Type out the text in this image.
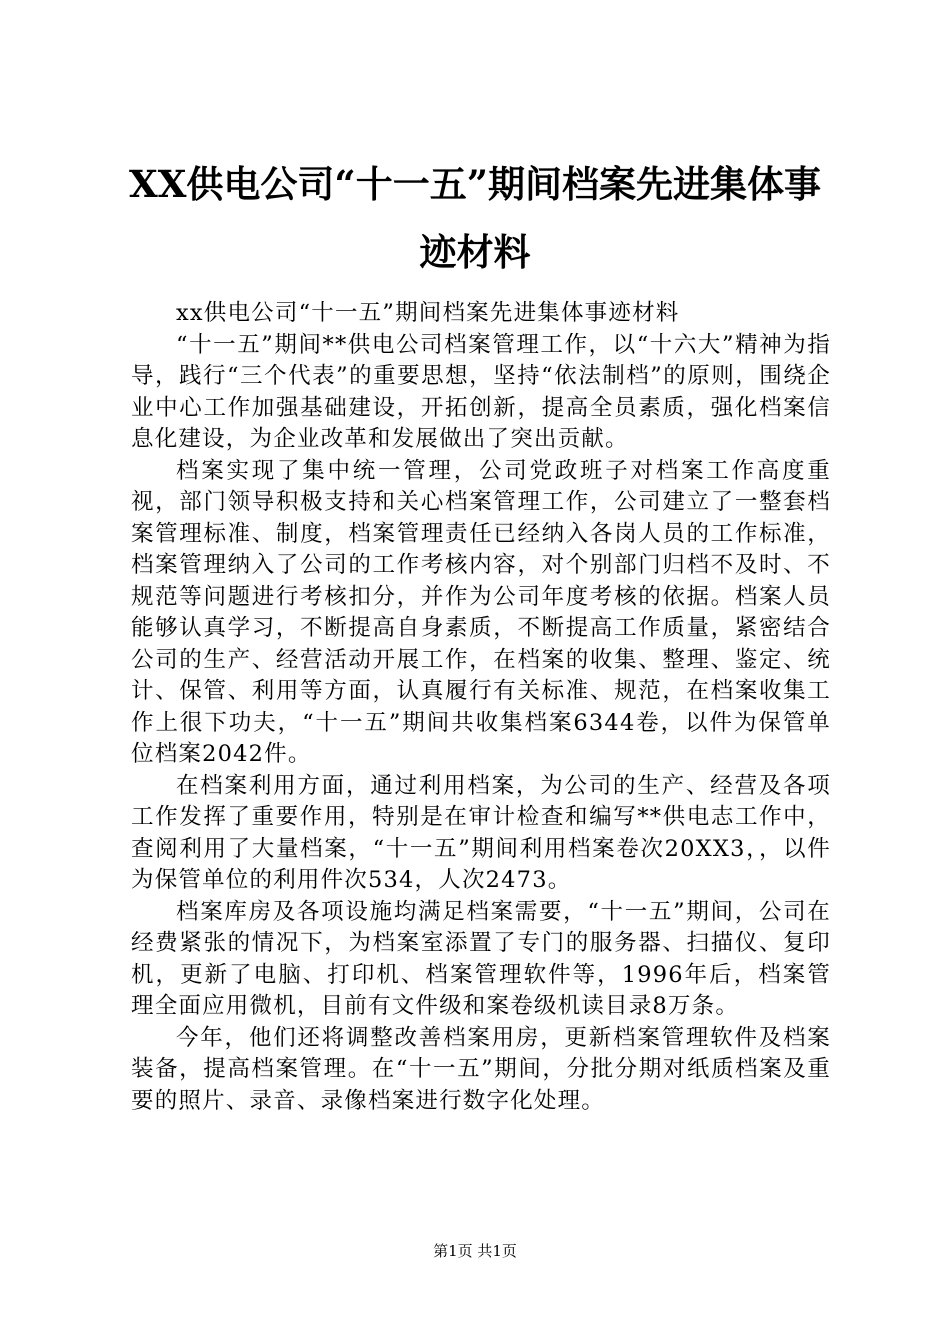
XX供电公司“十一五”期间档案先进集体事迹材料

xx供电公司“十一五”期间档案先进集体事迹材料

“十一五”期间**供电公司档案管理工作，以“十六大”精神为指导，践行“三个代表”的重要思想，坚持“依法制档”的原则，围绕企业中心工作加强基础建设，开拓创新，提高全员素质，强化档案信息化建设，为企业改革和发展做出了突出贡献。

档案实现了集中统一管理，公司党政班子对档案工作高度重视，部门领导积极支持和关心档案管理工作，公司建立了一整套档案管理标准、制度，档案管理责任已经纳入各岗人员的工作标准，档案管理纳入了公司的工作考核内容，对个别部门归档不及时、不规范等问题进行考核扣分，并作为公司年度考核的依据。档案人员能够认真学习，不断提高自身素质，不断提高工作质量，紧密结合公司的生产、经营活动开展工作，在档案的收集、整理、鉴定、统计、保管、利用等方面，认真履行有关标准、规范，在档案收集工作上很下功夫，“十一五”期间共收集档案6344卷，以件为保管单位档案2042件。

在档案利用方面，通过利用档案，为公司的生产、经营及各项工作发挥了重要作用，特别是在审计检查和编写**供电志工作中，查阅利用了大量档案，“十一五”期间利用档案卷次20XX3，，以件为保管单位的利用件次534，人次2473。

档案库房及各项设施均满足档案需要，“十一五”期间，公司在经费紧张的情况下，为档案室添置了专门的服务器、扫描仪、复印机，更新了电脑、打印机、档案管理软件等，1996年后，档案管理全面应用微机，目前有文件级和案卷级机读目录8万条。

今年，他们还将调整改善档案用房，更新档案管理软件及档案装备，提高档案管理。在“十一五”期间，分批分期对纸质档案及重要的照片、录音、录像档案进行数字化处理。

第1页 共1页
